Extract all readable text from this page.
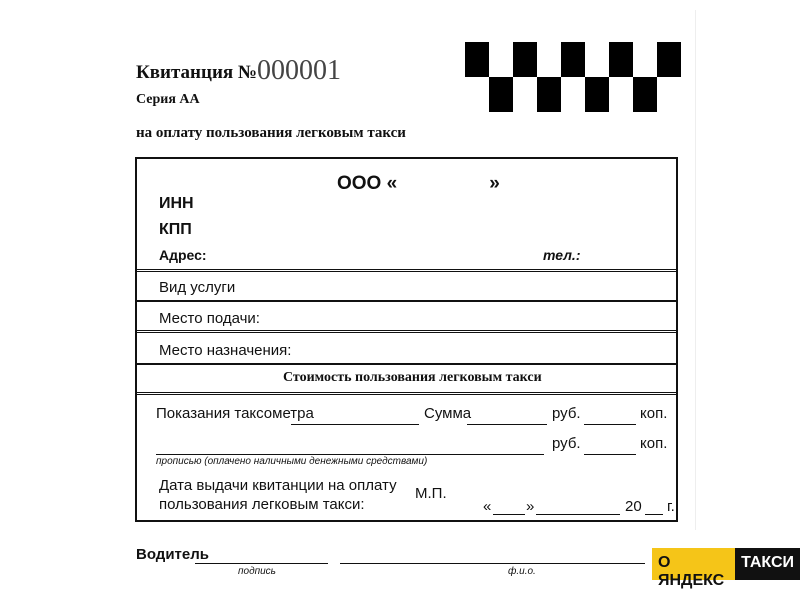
Квитанция № 000001
Серия АА
на оплату пользования легковым такси
ООО «	»
ИНН
КПП
Адрес:	тел.:
Вид услуги
Место подачи:
Место назначения:
Стоимость пользования легковым такси
Показания таксометра	Сумма	руб.	коп.
руб.	коп.
прописью (оплачено наличными денежными средствами)
Дата выдачи квитанции на оплату
пользования легковым такси:
М.П.
« »	20 г.
Водитель
подпись	ф.и.о.
О ЯНДЕКС
ТАКСИ
